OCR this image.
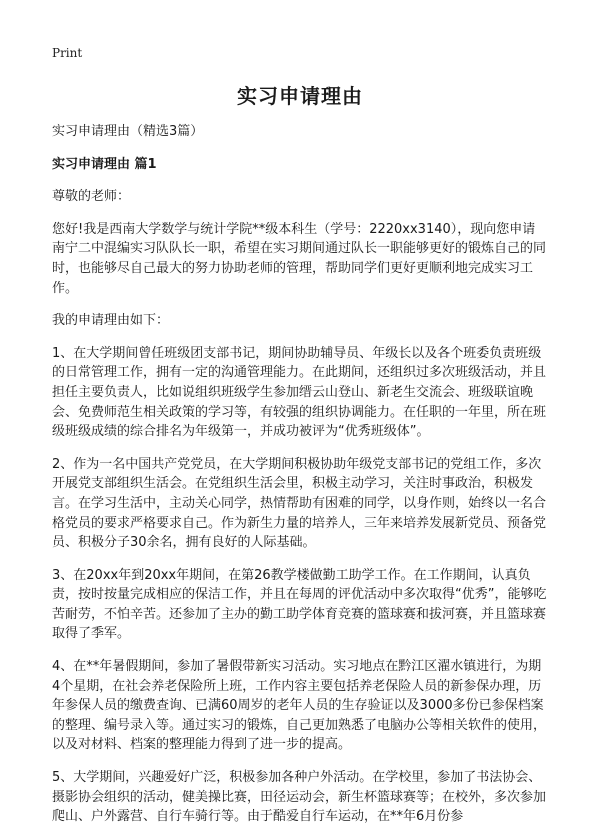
Print
实习申请理由

实习申请理由（精选3篇）

实习申请理由 篇1

尊敬的老师：

您好!我是西南大学数学与统计学院**级本科生（学号：2220xx3140），现向您申请南宁二中混编实习队队长一职，希望在实习期间通过队长一职能够更好的锻炼自己的同时，也能够尽自己最大的努力协助老师的管理，帮助同学们更好更顺利地完成实习工作。

我的申请理由如下：

1、在大学期间曾任班级团支部书记，期间协助辅导员、年级长以及各个班委负责班级的日常管理工作，拥有一定的沟通管理能力。在此期间，还组织过多次班级活动，并且担任主要负责人，比如说组织班级学生参加缙云山登山、新老生交流会、班级联谊晚会、免费师范生相关政策的学习等，有较强的组织协调能力。在任职的一年里，所在班级班级成绩的综合排名为年级第一，并成功被评为“优秀班级体”。

2、作为一名中国共产党党员，在大学期间积极协助年级党支部书记的党组工作，多次开展党支部组织生活会。在党组织生活会里，积极主动学习，关注时事政治，积极发言。在学习生活中，主动关心同学，热情帮助有困难的同学，以身作则，始终以一名合格党员的要求严格要求自己。作为新生力量的培养人，三年来培养发展新党员、预备党员、积极分子30余名，拥有良好的人际基础。

3、在20xx年到20xx年期间，在第26教学楼做勤工助学工作。在工作期间，认真负责，按时按量完成相应的保洁工作，并且在每周的评优活动中多次取得“优秀”，能够吃苦耐劳，不怕辛苦。还参加了主办的勤工助学体育竞赛的篮球赛和拔河赛，并且篮球赛取得了季军。

4、在**年暑假期间，参加了暑假带新实习活动。实习地点在黔江区濯水镇进行，为期4个星期，在社会养老保险所上班，工作内容主要包括养老保险人员的新参保办理，历年参保人员的缴费查询、已满60周岁的老年人员的生存验证以及3000多份已参保档案的整理、编号录入等。通过实习的锻炼，自己更加熟悉了电脑办公等相关软件的使用，以及对材料、档案的整理能力得到了进一步的提高。

5、大学期间，兴趣爱好广泛，积极参加各种户外活动。在学校里，参加了书法协会、摄影协会组织的活动，健美操比赛，田径运动会，新生杯篮球赛等；在校外，多次参加爬山、户外露营、自行车骑行等。由于酷爱自行车运动，在**年6月份参
